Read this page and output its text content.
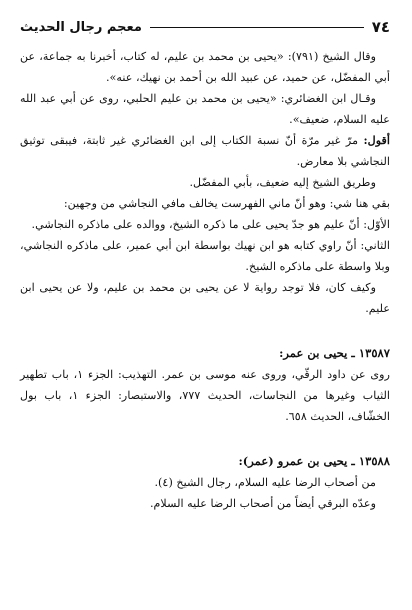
٧٤
معجم رجال الحديث

وقال الشيخ (٧٩١): «يحيى بن محمد بن عليم، له كتاب، أخبرنا به جماعة، عن أبي المفضّل، عن حميد، عن عبيد الله بن أحمد بن نهيك، عنه».

وقـال ابن الغضائري: «يحيى بن محمد بن عليم الحلبي، روى عن أبي عبد الله عليه السلام، ضعيف».

أقول: مرّ غير مرّة أنّ نسبة الكتاب إلى ابن الغضائري غير ثابتة، فيبقى توثيق النجاشي بلا معارض.

وطريق الشيخ إليه ضعيف، بأبي المفضّل.

بقي هنا شي: وهو أنّ ماني الفهرست يخالف مافي النجاشي من وجهين:

الأوّل: أنّ عليم هو جدّ يحيى على ما ذكره الشيخ، ووالده على ماذكره النجاشي.

الثاني: أنّ راوي كتابه هو ابن نهيك بواسطة ابن أبي عمير، على ماذكره النجاشي، وبلا واسطة على ماذكره الشيخ.

وكيف كان، فلا توجد رواية لا عن يحيى بن محمد بن عليم، ولا عن يحيى ابن عليم.

١٣٥٨٧ ـ يحيى بن عمر:

روى عن داود الرقّي، وروى عنه موسى بن عمر. التهذيب: الجزء ١، باب تطهير الثياب وغيرها من النجاسات، الحديث ٧٧٧، والاستبصار: الجزء ١، باب بول الخشّاف، الحديث ٦٥٨.

١٣٥٨٨ ـ يحيى بن عمرو (عمر):

من أصحاب الرضا عليه السلام، رجال الشيخ (٤).

وعدّه البرقي أيضاً من أصحاب الرضا عليه السلام.
